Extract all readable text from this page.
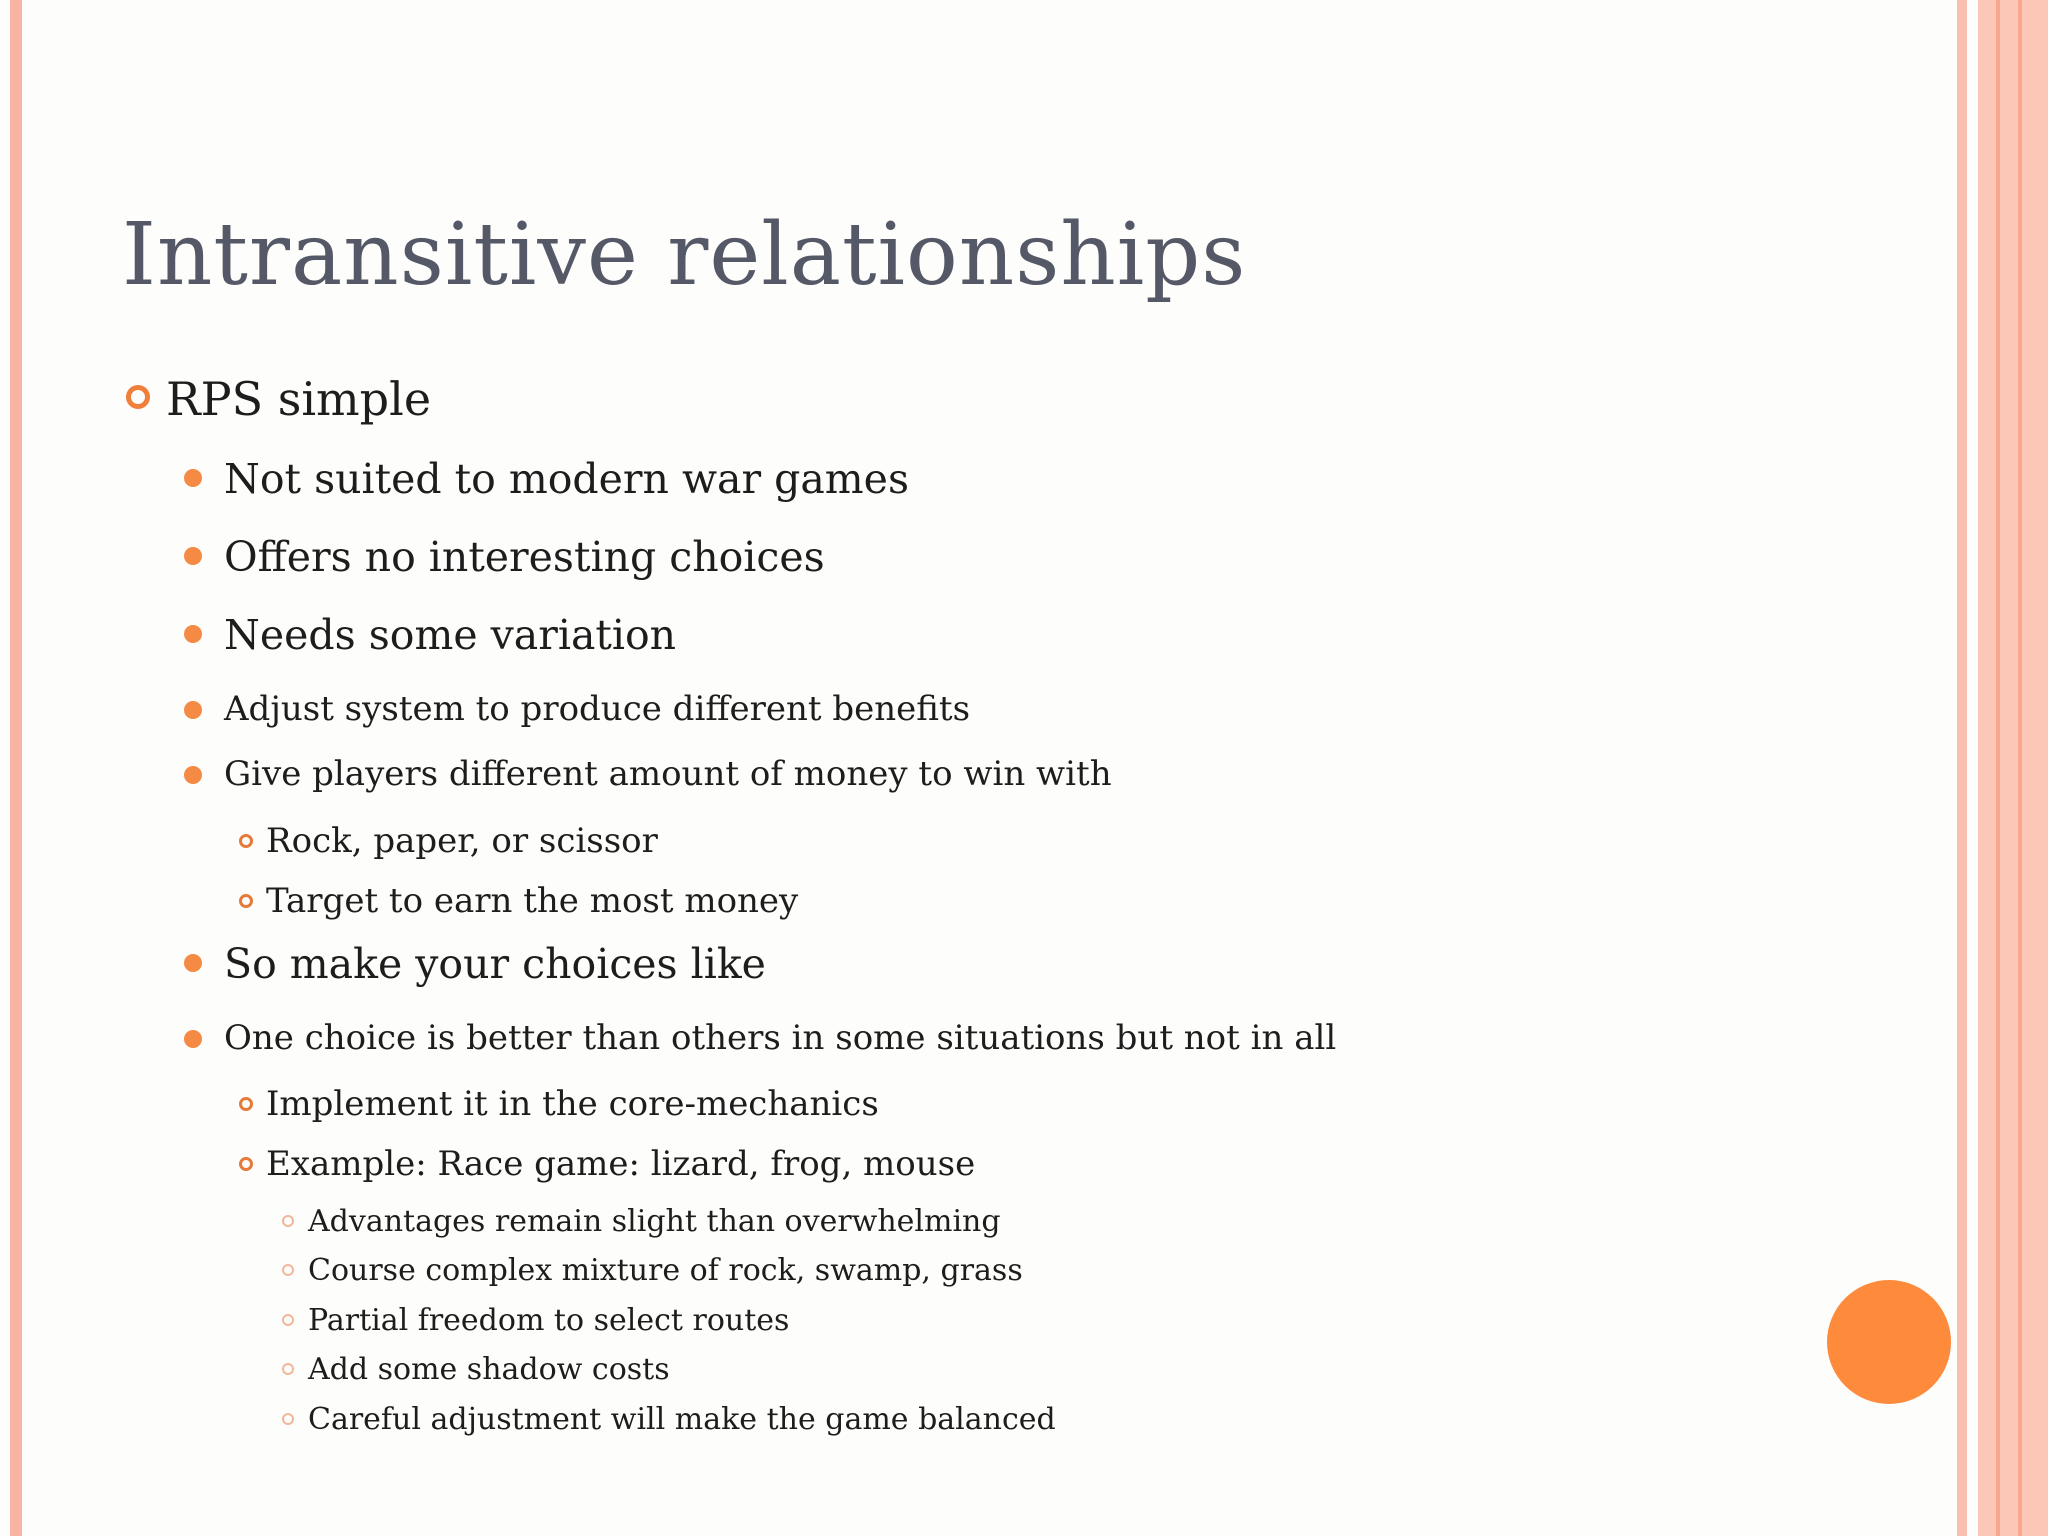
Intransitive relationships
RPS simple
Not suited to modern war games
Offers no interesting choices
Needs some variation
Adjust system to produce different benefits
Give players different amount of money to win with
Rock, paper, or scissor
Target to earn the most money
So make your choices like
One choice is better than others in some situations but not in all
Implement it in the core-mechanics
Example: Race game: lizard, frog, mouse
Advantages remain slight than overwhelming
Course complex mixture of rock, swamp, grass
Partial freedom to select routes
Add some shadow costs
Careful adjustment will make the game balanced
